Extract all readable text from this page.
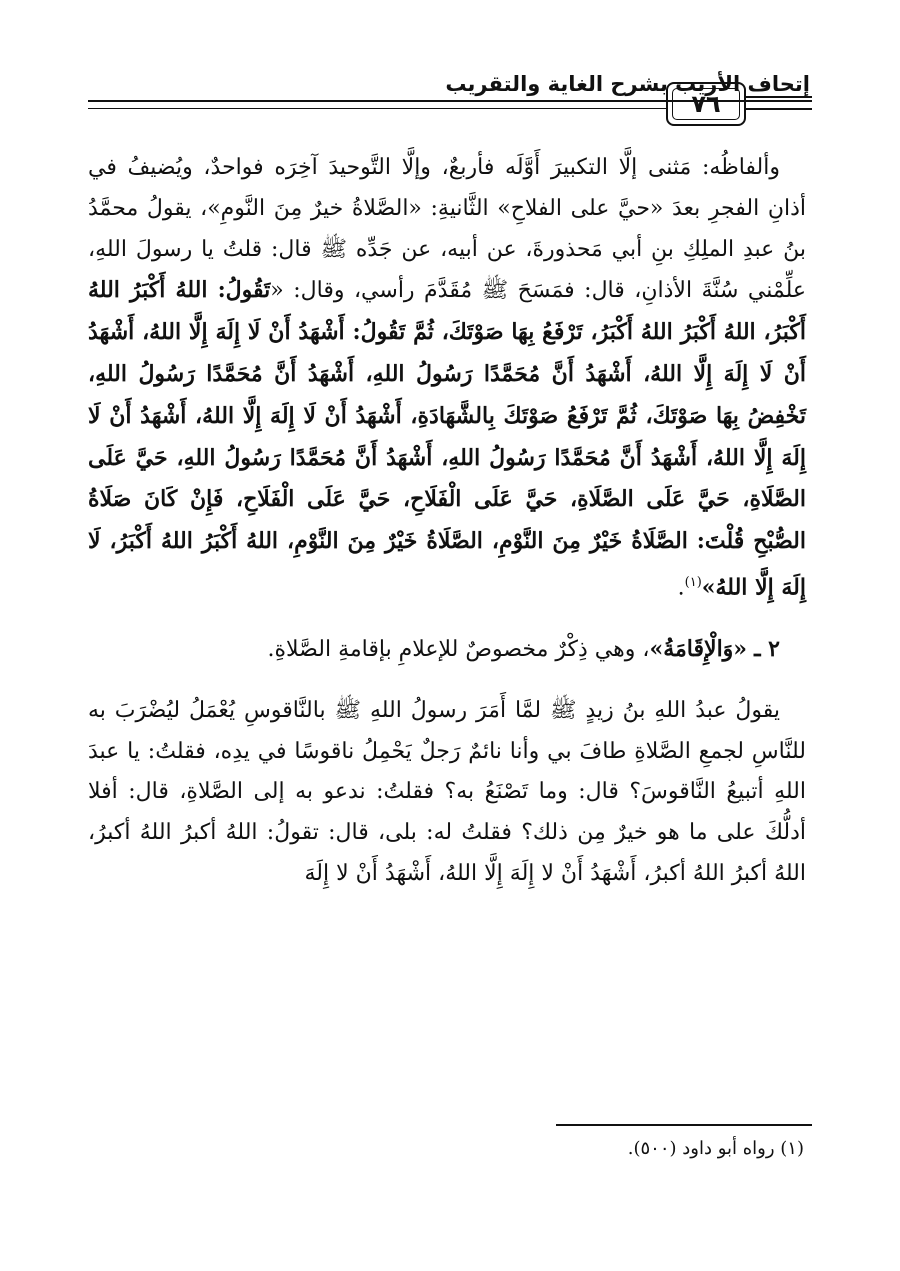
إتحاف الأريب بشرح الغاية والتقريب
٧٦

وألفاظُه: مَثنى إلَّا التكبيرَ أَوَّلَه فأربعٌ، وإلَّا التَّوحيدَ آخِرَه فواحدٌ، ويُضيفُ في أذانِ الفجرِ بعدَ «حيَّ على الفلاحِ» الثَّانيةِ: «الصَّلاةُ خيرٌ مِنَ النَّومِ»، يقولُ محمَّدُ بنُ عبدِ الملِكِ بنِ أبي مَحذورةَ، عن أبيه، عن جَدِّه ﷺ قال: قلتُ يا رسولَ اللهِ، علِّمْني سُنَّةَ الأذانِ، قال: فمَسَحَ ﷺ مُقَدَّمَ رأسي، وقال: «تَقُولُ: اللهُ أَكْبَرُ اللهُ أَكْبَرُ، اللهُ أَكْبَرُ اللهُ أَكْبَرُ، تَرْفَعُ بِهَا صَوْتَكَ، ثُمَّ تَقُولُ: أَشْهَدُ أَنْ لَا إِلَهَ إِلَّا اللهُ، أَشْهَدُ أَنْ لَا إِلَهَ إِلَّا اللهُ، أَشْهَدُ أَنَّ مُحَمَّدًا رَسُولُ اللهِ، أَشْهَدُ أَنَّ مُحَمَّدًا رَسُولُ اللهِ، تَخْفِضُ بِهَا صَوْتَكَ، ثُمَّ تَرْفَعُ صَوْتَكَ بِالشَّهَادَةِ، أَشْهَدُ أَنْ لَا إِلَهَ إِلَّا اللهُ، أَشْهَدُ أَنْ لَا إِلَهَ إِلَّا اللهُ، أَشْهَدُ أَنَّ مُحَمَّدًا رَسُولُ اللهِ، أَشْهَدُ أَنَّ مُحَمَّدًا رَسُولُ اللهِ، حَيَّ عَلَى الصَّلَاةِ، حَيَّ عَلَى الصَّلَاةِ، حَيَّ عَلَى الْفَلَاحِ، حَيَّ عَلَى الْفَلَاحِ، فَإِنْ كَانَ صَلَاةُ الصُّبْحِ قُلْتَ: الصَّلَاةُ خَيْرٌ مِنَ النَّوْمِ، الصَّلَاةُ خَيْرٌ مِنَ النَّوْمِ، اللهُ أَكْبَرُ اللهُ أَكْبَرُ، لَا إِلَهَ إِلَّا اللهُ»$^{(١)}$.

٢ ـ «وَالْإِقَامَةُ»، وهي ذِكْرٌ مخصوصٌ للإعلامِ بإقامةِ الصَّلاةِ.

يقولُ عبدُ اللهِ بنُ زيدٍ ﷺ لمَّا أَمَرَ رسولُ اللهِ ﷺ بالنَّاقوسِ يُعْمَلُ ليُضْرَبَ به للنَّاسِ لجمعِ الصَّلاةِ طافَ بي وأنا نائمٌ رَجلٌ يَحْمِلُ ناقوسًا في يدِه، فقلتُ: يا عبدَ اللهِ أتبيعُ النَّاقوسَ؟ قال: وما تَصْنَعُ به؟ فقلتُ: ندعو به إلى الصَّلاةِ، قال: أفلا أدلُّكَ على ما هو خيرٌ مِن ذلك؟ فقلتُ له: بلى، قال: تقولُ: اللهُ أكبرُ اللهُ أكبرُ، اللهُ أكبرُ اللهُ أكبرُ، أَشْهَدُ أَنْ لا إِلَهَ إِلَّا اللهُ، أَشْهَدُ أَنْ لا إِلَهَ

(١) رواه أبو داود (٥٠٠).
